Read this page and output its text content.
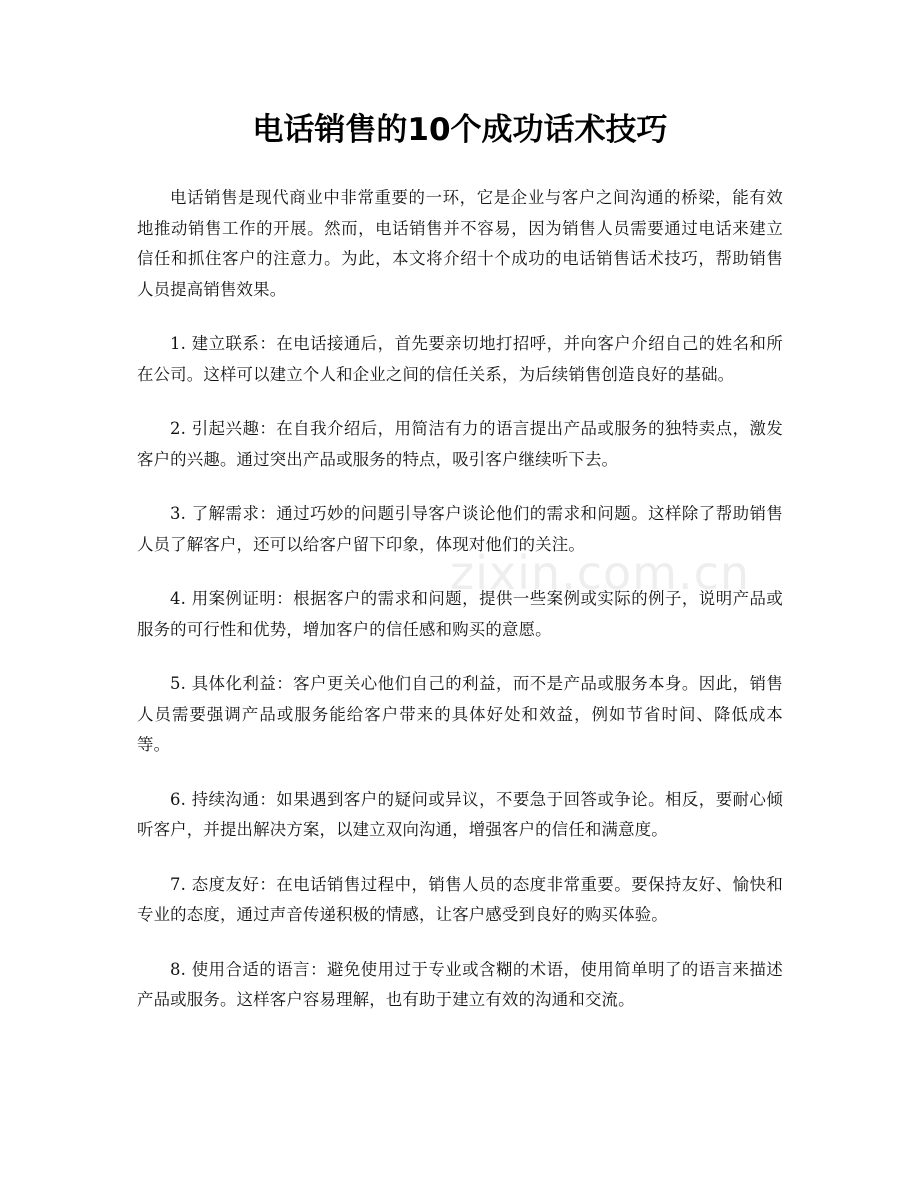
电话销售的10个成功话术技巧

电话销售是现代商业中非常重要的一环，它是企业与客户之间沟通的桥梁，能有效地推动销售工作的开展。然而，电话销售并不容易，因为销售人员需要通过电话来建立信任和抓住客户的注意力。为此，本文将介绍十个成功的电话销售话术技巧，帮助销售人员提高销售效果。

1. 建立联系：在电话接通后，首先要亲切地打招呼，并向客户介绍自己的姓名和所在公司。这样可以建立个人和企业之间的信任关系，为后续销售创造良好的基础。

2. 引起兴趣：在自我介绍后，用简洁有力的语言提出产品或服务的独特卖点，激发客户的兴趣。通过突出产品或服务的特点，吸引客户继续听下去。

3. 了解需求：通过巧妙的问题引导客户谈论他们的需求和问题。这样除了帮助销售人员了解客户，还可以给客户留下印象，体现对他们的关注。

4. 用案例证明：根据客户的需求和问题，提供一些案例或实际的例子，说明产品或服务的可行性和优势，增加客户的信任感和购买的意愿。

5. 具体化利益：客户更关心他们自己的利益，而不是产品或服务本身。因此，销售人员需要强调产品或服务能给客户带来的具体好处和效益，例如节省时间、降低成本等。

6. 持续沟通：如果遇到客户的疑问或异议，不要急于回答或争论。相反，要耐心倾听客户，并提出解决方案，以建立双向沟通，增强客户的信任和满意度。

7. 态度友好：在电话销售过程中，销售人员的态度非常重要。要保持友好、愉快和专业的态度，通过声音传递积极的情感，让客户感受到良好的购买体验。

8. 使用合适的语言：避免使用过于专业或含糊的术语，使用简单明了的语言来描述产品或服务。这样客户容易理解，也有助于建立有效的沟通和交流。

zixin.com.cn
